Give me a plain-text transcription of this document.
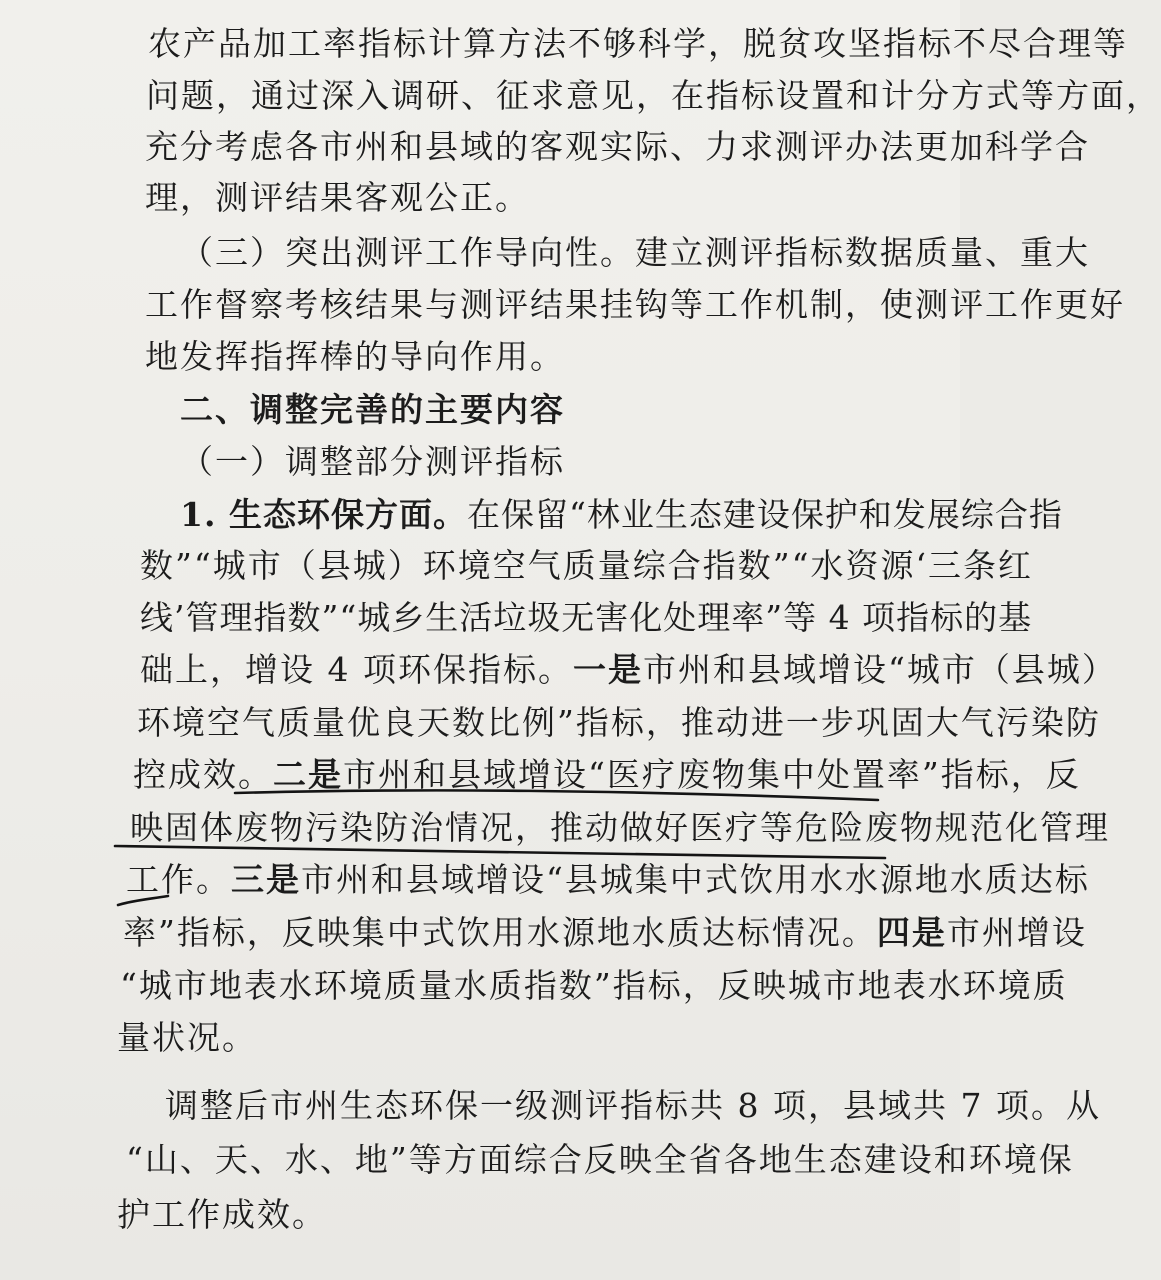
农产品加工率指标计算方法不够科学，脱贫攻坚指标不尽合理等
问题，通过深入调研、征求意见，在指标设置和计分方式等方面，
充分考虑各市州和县域的客观实际、力求测评办法更加科学合
理，测评结果客观公正。
（三）突出测评工作导向性。建立测评指标数据质量、重大
工作督察考核结果与测评结果挂钩等工作机制，使测评工作更好
地发挥指挥棒的导向作用。
二、调整完善的主要内容
（一）调整部分测评指标
1. 生态环保方面。在保留“林业生态建设保护和发展综合指
数”“城市（县城）环境空气质量综合指数”“水资源‘三条红
线’管理指数”“城乡生活垃圾无害化处理率”等 4 项指标的基
础上，增设 4 项环保指标。一是市州和县域增设“城市（县城）
环境空气质量优良天数比例”指标，推动进一步巩固大气污染防
控成效。二是市州和县域增设“医疗废物集中处置率”指标，反
映固体废物污染防治情况，推动做好医疗等危险废物规范化管理
工作。三是市州和县域增设“县城集中式饮用水水源地水质达标
率”指标，反映集中式饮用水源地水质达标情况。四是市州增设
“城市地表水环境质量水质指数”指标，反映城市地表水环境质
量状况。
调整后市州生态环保一级测评指标共 8 项，县域共 7 项。从
“山、天、水、地”等方面综合反映全省各地生态建设和环境保
护工作成效。
